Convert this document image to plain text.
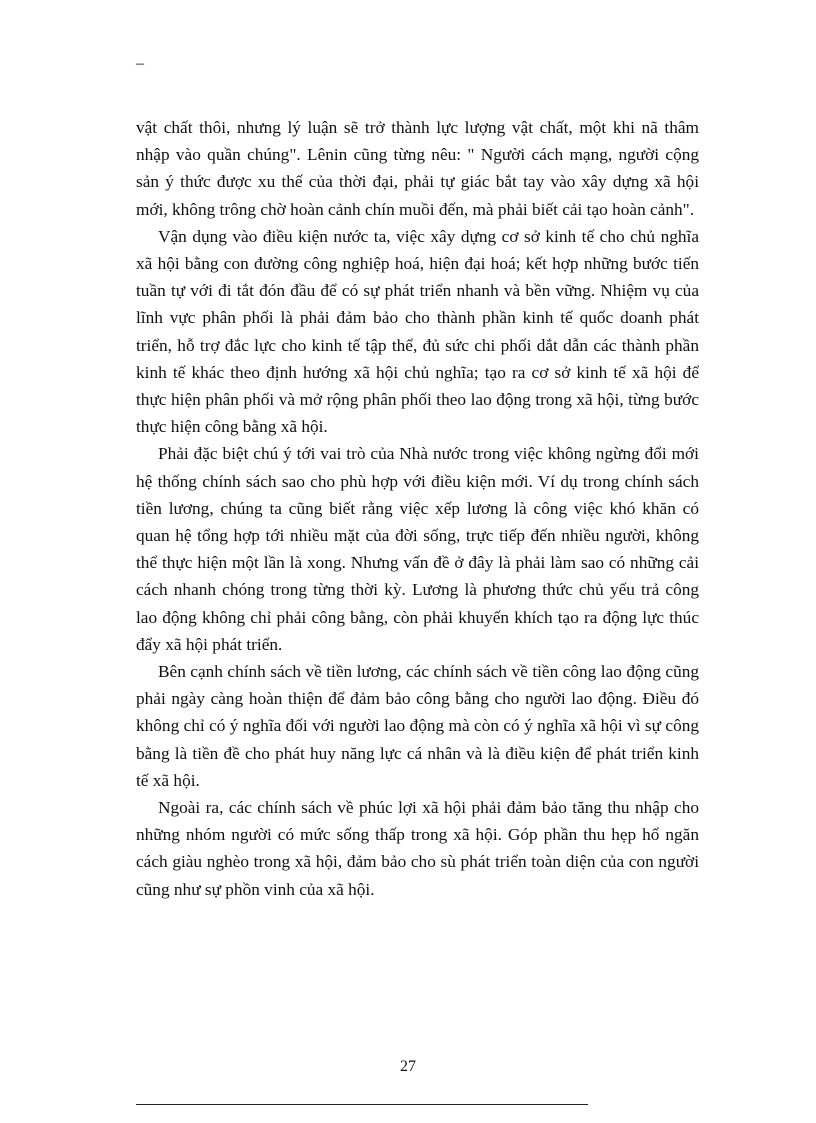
–

vật chất thôi, nhưng lý luận sẽ trở thành lực lượng vật chất, một khi nã thâm nhập vào quần chúng". Lênin cũng từng nêu: " Người cách mạng, người cộng sản ý thức được xu thế của thời đại, phải tự giác bắt tay vào xây dựng xã hội mới, không trông chờ hoàn cảnh chín muồi đến, mà phải biết cải tạo hoàn cảnh".

Vận dụng vào điều kiện nước ta, việc xây dựng cơ sở kinh tế cho chủ nghĩa xã hội bằng con đường công nghiệp hoá, hiện đại hoá; kết hợp những bước tiến tuần tự với đi tắt đón đầu để có sự phát triển nhanh và bền vững. Nhiệm vụ của lĩnh vực phân phối là phải đảm bảo cho thành phần kinh tế quốc doanh phát triển, hỗ trợ đắc lực cho kinh tế tập thể, đủ sức chi phối dắt dẫn các thành phần kinh tế khác theo định hướng xã hội chủ nghĩa; tạo ra cơ sở kinh tế xã hội để thực hiện phân phối và mở rộng phân phối theo lao động trong xã hội, từng bước thực hiện công bằng xã hội.

Phải đặc biệt chú ý tới vai trò của Nhà nước trong việc không ngừng đổi mới hệ thống chính sách sao cho phù hợp với điều kiện mới. Ví dụ trong chính sách tiền lương, chúng ta cũng biết rằng việc xếp lương là công việc khó khăn có quan hệ tổng hợp tới nhiều mặt của đời sống, trực tiếp đến nhiều người, không thể thực hiện một lần là xong. Nhưng vấn đề ở đây là phải làm sao có những cải cách nhanh chóng trong từng thời kỳ. Lương là phương thức chủ yếu trả công lao động không chỉ phải công bằng, còn phải khuyến khích tạo ra động lực thúc đẩy xã hội phát triển.

Bên cạnh chính sách về tiền lương, các chính sách về tiền công lao động cũng phải ngày càng hoàn thiện để đảm bảo công bằng cho người lao động. Điều đó không chỉ có ý nghĩa đối với người lao động mà còn có ý nghĩa xã hội vì sự công bằng là tiền đề cho phát huy năng lực cá nhân và là điều kiện để phát triển kinh tế xã hội.

Ngoài ra, các chính sách về phúc lợi xã hội phải đảm bảo tăng thu nhập cho những nhóm người có mức sống thấp trong xã hội. Góp phần thu hẹp hố ngăn cách giàu nghèo trong xã hội, đảm bảo cho sù phát triển toàn diện của con người cũng như sự phồn vinh của xã hội.

27
